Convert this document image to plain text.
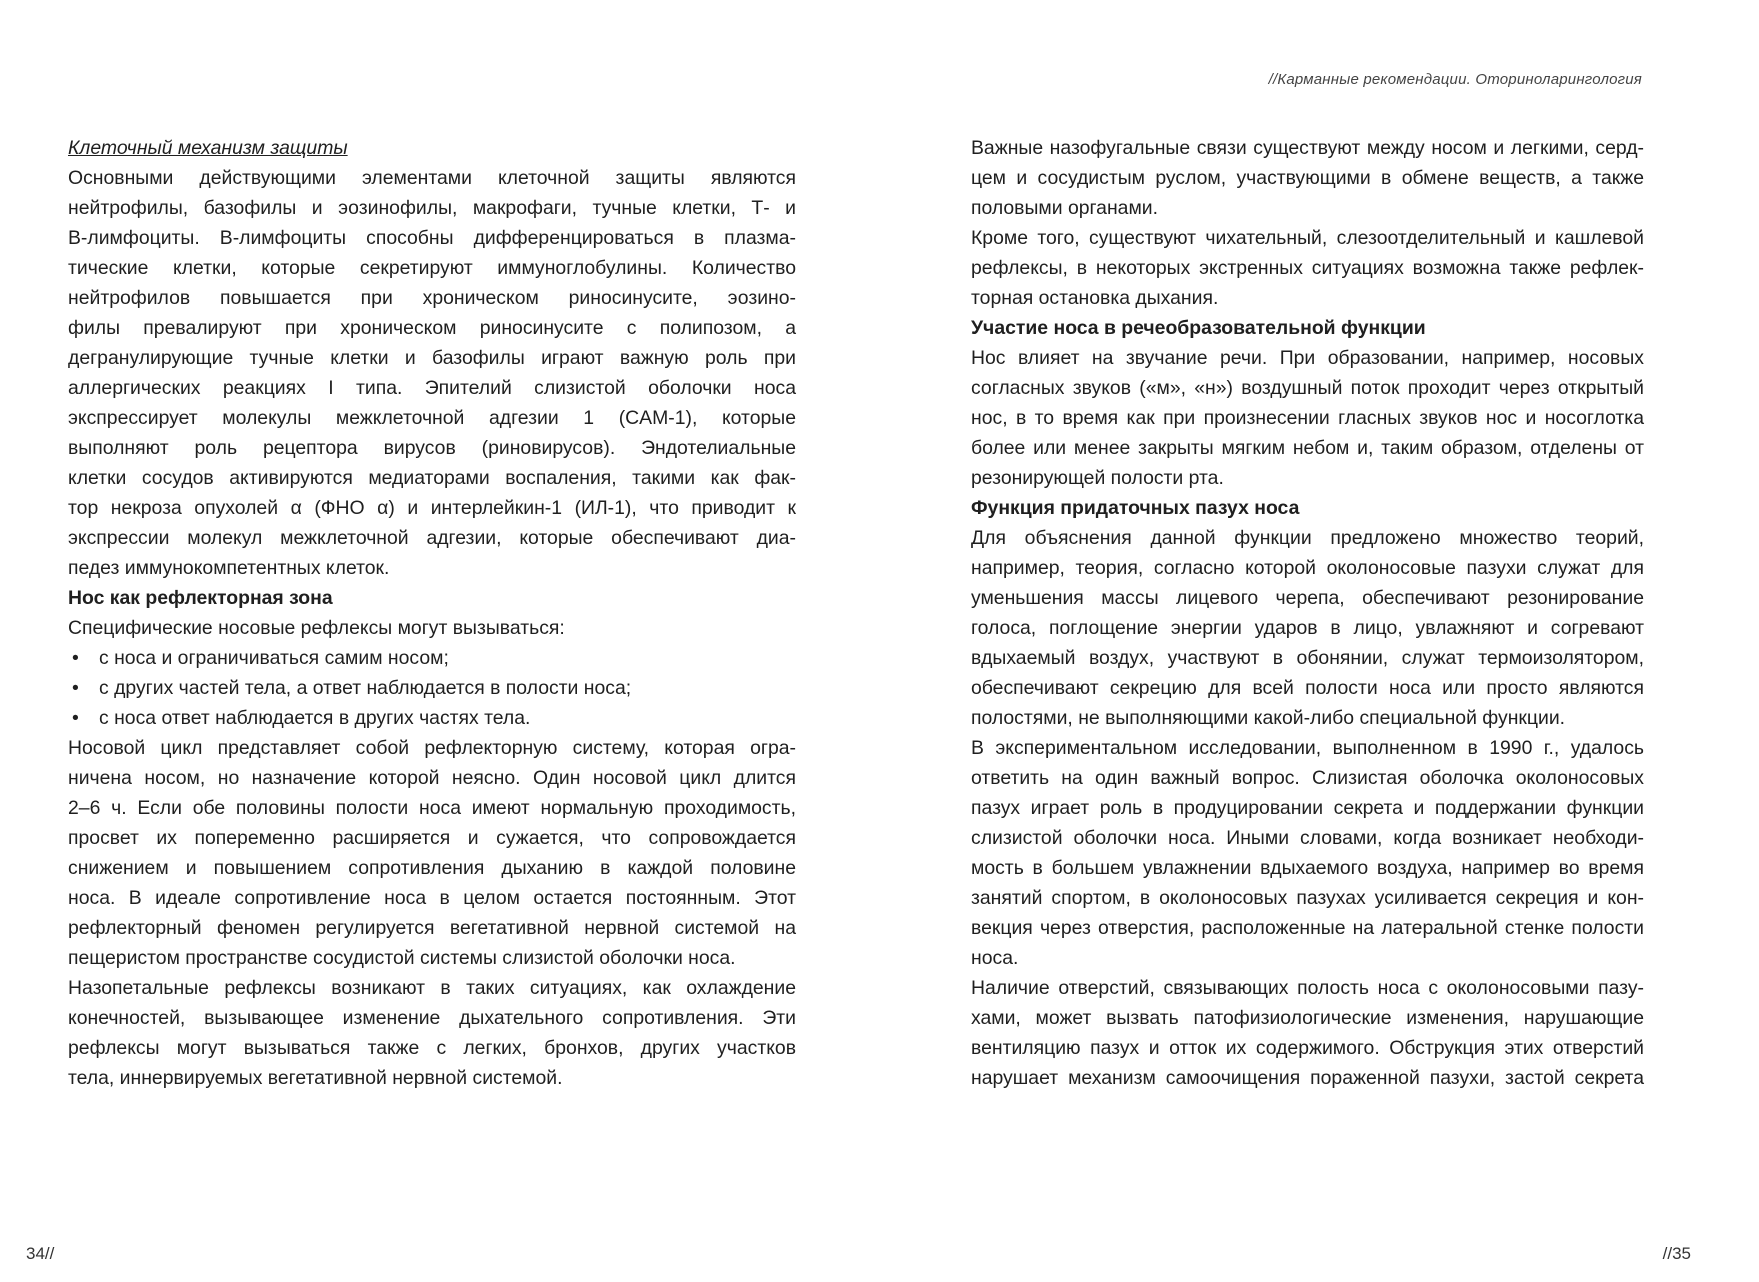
Клеточный механизм защиты
Основными действующими элементами клеточной защиты являются
нейтрофилы, базофилы и эозинофилы, макрофаги, тучные клетки, Т- и
В-лимфоциты. В-лимфоциты способны дифференцироваться в плазма-
тические клетки, которые секретируют иммуноглобулины. Количество
нейтрофилов повышается при хроническом риносинусите, эозино-
филы превалируют при хроническом риносинусите с полипозом, а
дегранулирующие тучные клетки и базофилы играют важную роль при
аллергических реакциях I типа. Эпителий слизистой оболочки носа
экспрессирует молекулы межклеточной адгезии 1 (CAM-1), которые
выполняют роль рецептора вирусов (риновирусов). Эндотелиальные
клетки сосудов активируются медиаторами воспаления, такими как фак-
тор некроза опухолей α (ФНО α) и интерлейкин-1 (ИЛ-1), что приводит к
экспрессии молекул межклеточной адгезии, которые обеспечивают диа-
педез иммунокомпетентных клеток.
Нос как рефлекторная зона
Специфические носовые рефлексы могут вызываться:
• с носа и ограничиваться самим носом;
• с других частей тела, а ответ наблюдается в полости носа;
• с носа ответ наблюдается в других частях тела.
Носовой цикл представляет собой рефлекторную систему, которая огра-
ничена носом, но назначение которой неясно. Один носовой цикл длится
2–6 ч. Если обе половины полости носа имеют нормальную проходимость,
просвет их попеременно расширяется и сужается, что сопровождается
снижением и повышением сопротивления дыханию в каждой половине
носа. В идеале сопротивление носа в целом остается постоянным. Этот
рефлекторный феномен регулируется вегетативной нервной системой на
пещеристом пространстве сосудистой системы слизистой оболочки носа.
Назопетальные рефлексы возникают в таких ситуациях, как охлаждение
конечностей, вызывающее изменение дыхательного сопротивления. Эти
рефлексы могут вызываться также с легких, бронхов, других участков
тела, иннервируемых вегетативной нервной системой.
34//
//Карманные рекомендации. Оториноларингология
Важные назофугальные связи существуют между носом и легкими, серд-
цем и сосудистым руслом, участвующими в обмене веществ, а также
половыми органами.
Кроме того, существуют чихательный, слезоотделительный и кашлевой
рефлексы, в некоторых экстренных ситуациях возможна также рефлек-
торная остановка дыхания.
Участие носа в речеобразовательной функции
Нос влияет на звучание речи. При образовании, например, носовых
согласных звуков («м», «н») воздушный поток проходит через открытый
нос, в то время как при произнесении гласных звуков нос и носоглотка
более или менее закрыты мягким небом и, таким образом, отделены от
резонирующей полости рта.
Функция придаточных пазух носа
Для объяснения данной функции предложено множество теорий,
например, теория, согласно которой околоносовые пазухи служат для
уменьшения массы лицевого черепа, обеспечивают резонирование
голоса, поглощение энергии ударов в лицо, увлажняют и согревают
вдыхаемый воздух, участвуют в обонянии, служат термоизолятором,
обеспечивают секрецию для всей полости носа или просто являются
полостями, не выполняющими какой-либо специальной функции.
В экспериментальном исследовании, выполненном в 1990 г., удалось
ответить на один важный вопрос. Слизистая оболочка околоносовых
пазух играет роль в продуцировании секрета и поддержании функции
слизистой оболочки носа. Иными словами, когда возникает необходи-
мость в большем увлажнении вдыхаемого воздуха, например во время
занятий спортом, в околоносовых пазухах усиливается секреция и кон-
векция через отверстия, расположенные на латеральной стенке полости
носа.
Наличие отверстий, связывающих полость носа с околоносовыми пазу-
хами, может вызвать патофизиологические изменения, нарушающие
вентиляцию пазух и отток их содержимого. Обструкция этих отверстий
нарушает механизм самоочищения пораженной пазухи, застой секрета
//35
